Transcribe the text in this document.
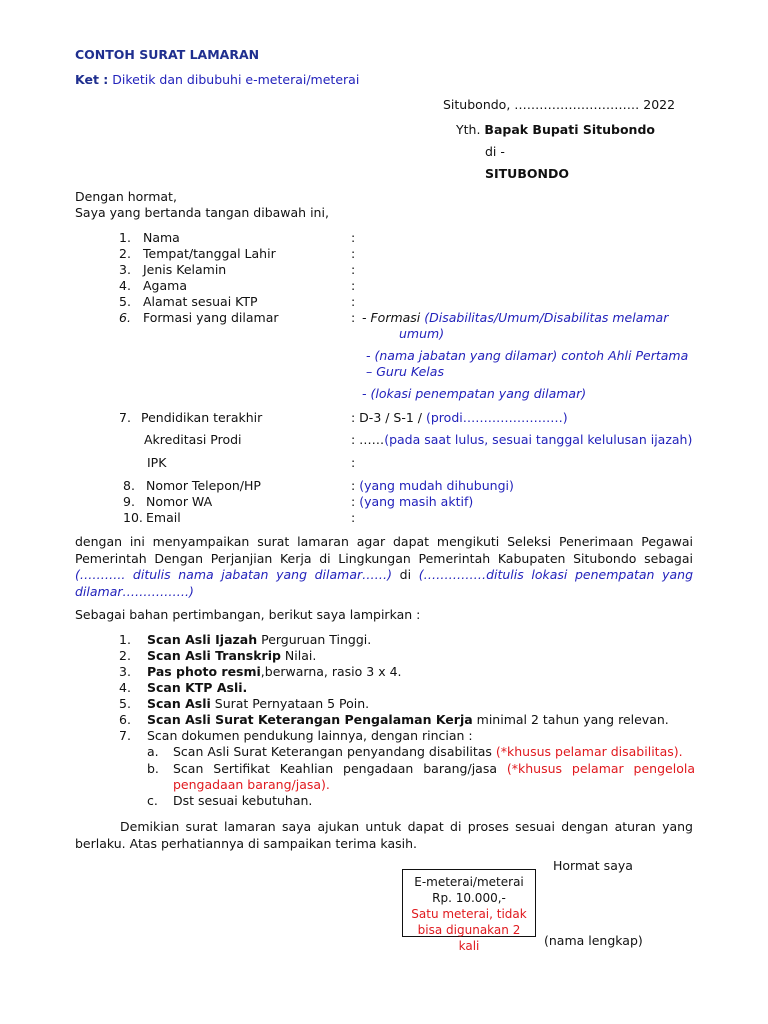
CONTOH SURAT LAMARAN
Ket : Diketik dan dibubuhi e-meterai/meterai
Situbondo, ………………………… 2022
Yth. Bapak Bupati Situbondo
di -
SITUBONDO
Dengan hormat,
Saya yang bertanda tangan dibawah ini,
1. Nama	:
2. Tempat/tanggal Lahir	:
3. Jenis Kelamin	:
4. Agama	:
5. Alamat sesuai KTP	:
6. Formasi yang dilamar	: - Formasi (Disabilitas/Umum/Disabilitas melamar
umum)
- (nama jabatan yang dilamar) contoh Ahli Pertama
– Guru Kelas
- (lokasi penempatan yang dilamar)
7. Pendidikan terakhir	: D-3 / S-1 / (prodi……………………)
Akreditasi Prodi	: ……(pada saat lulus, sesuai tanggal kelulusan ijazah)
IPK	:
8. Nomor Telepon/HP	: (yang mudah dihubungi)
9. Nomor WA	: (yang masih aktif)
10. Email	:
dengan ini menyampaikan surat lamaran agar dapat mengikuti Seleksi Penerimaan Pegawai Pemerintah Dengan Perjanjian Kerja di Lingkungan Pemerintah Kabupaten Situbondo sebagai (……….. ditulis nama jabatan yang dilamar……) di (……………ditulis lokasi penempatan yang dilamar…………….)
Sebagai bahan pertimbangan, berikut saya lampirkan :
1. Scan Asli Ijazah Perguruan Tinggi.
2. Scan Asli Transkrip Nilai.
3. Pas photo resmi,berwarna, rasio 3 x 4.
4. Scan KTP Asli.
5. Scan Asli Surat Pernyataan 5 Poin.
6. Scan Asli Surat Keterangan Pengalaman Kerja minimal 2 tahun yang relevan.
7. Scan dokumen pendukung lainnya, dengan rincian :
a. Scan Asli Surat Keterangan penyandang disabilitas (*khusus pelamar disabilitas).
b. Scan Sertifikat Keahlian pengadaan barang/jasa (*khusus pelamar pengelola
pengadaan barang/jasa).
c. Dst sesuai kebutuhan.
Demikian surat lamaran saya ajukan untuk dapat di proses sesuai dengan aturan yang berlaku. Atas perhatiannya di sampaikan terima kasih.
Hormat saya
E-meterai/meterai
Rp. 10.000,-
Satu meterai, tidak bisa digunakan 2 kali	(nama lengkap)
